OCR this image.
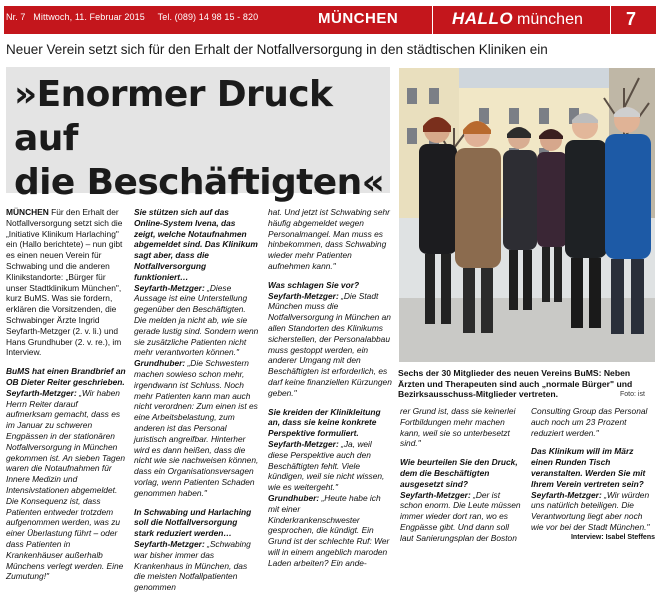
Nr. 7   Mittwoch, 11. Februar 2015     Tel. (089) 14 98 15 - 820	MÜNCHEN	HALLO münchen 7
Neuer Verein setzt sich für den Erhalt der Notfallversorgung in den städtischen Kliniken ein
»Enormer Druck auf
die Beschäftigten«
Sechs der 30 Mitglieder des neuen Vereins BuMS: Neben Ärzten und Therapeuten sind auch „normale Bürger" und Bezirksausschuss-Mitglieder vertreten.	Foto: ist

MÜNCHEN Für den Erhalt der Notfallversorgung setzt sich die „Initiative Klinikum Harlaching" ein (Hallo berichtete) – nun gibt es einen neuen Verein für Schwabing und die anderen Klinikstandorte: „Bürger für unser Stadtklinikum München", kurz BuMS. Was sie fordern, erklären die Vorsitzenden, die Schwabinger Ärzte Ingrid Seyfarth-Metzger (2. v. li.) und Hans Grundhuber (2. v. re.), im Interview.

BuMS hat einen Brandbrief an OB Dieter Reiter geschrieben.

Seyfarth-Metzger: „Wir haben Herrn Reiter darauf aufmerksam gemacht, dass es im Januar zu schweren Engpässen in der stationären Notfallversorgung in München gekommen ist. An sieben Tagen waren die Notaufnahmen für Innere Medizin und Intensivstationen abgemeldet. Die Konsequenz ist, dass Patienten entweder trotzdem aufgenommen werden, was zu einer Überlastung führt – oder dass Patienten in Krankenhäuser außerhalb Münchens verlegt werden. Eine Zumutung!"

Sie stützen sich auf das Online-System Ivena, das zeigt, welche Notaufnahmen abgemeldet sind. Das Klinikum sagt aber, dass die Notfallversorgung funktioniert…

Seyfarth-Metzger: „Diese Aussage ist eine Unterstellung gegenüber den Beschäftigten. Die melden ja nicht ab, wie sie gerade lustig sind. Sondern wenn sie zusätzliche Patienten nicht mehr verantworten können."

Grundhuber: „Die Schwestern machen sowieso schon mehr, irgendwann ist Schluss. Noch mehr Patienten kann man auch nicht verordnen: Zum einen ist es eine Arbeitsbelastung, zum anderen ist das Personal juristisch angreifbar. Hinterher wird es dann heißen, dass die nicht wie sie nachweisen können, dass ein Organisationsversagen vorlag, wenn Patienten Schaden genommen haben."

In Schwabing und Harlaching soll die Notfallversorgung stark reduziert werden…

Seyfarth-Metzger: „Schwabing war bisher immer das Krankenhaus in München, das die meisten Notfallpatienten genommen

hat. Und jetzt ist Schwabing sehr häufig abgemeldet wegen Personalmangel. Man muss es hinbekommen, dass Schwabing wieder mehr Patienten aufnehmen kann."

Was schlagen Sie vor?

Seyfarth-Metzger: „Die Stadt München muss die Notfallversorgung in München an allen Standorten des Klinikums sicherstellen, der Personalabbau muss gestoppt werden, ein anderer Umgang mit den Beschäftigten ist erforderlich, es darf keine finanziellen Kürzungen geben."

Sie kreiden der Klinikleitung an, dass sie keine konkrete Perspektive formuliert.

Seyfarth-Metzger: „Ja, weil diese Perspektive auch den Beschäftigten fehlt. Viele kündigen, weil sie nicht wissen, wie es weitergeht."

Grundhuber: „Heute habe ich mit einer Kinderkrankenschwester gesprochen, die kündigt. Ein Grund ist der schlechte Ruf: Wer will in einem angeblich maroden Laden arbeiten? Ein ande-

rer Grund ist, dass sie keinerlei Fortbildungen mehr machen kann, weil sie so unterbesetzt sind."

Wie beurteilen Sie den Druck, dem die Beschäftigten ausgesetzt sind?

Seyfarth-Metzger: „Der ist schon enorm. Die Leute müssen immer wieder dort ran, wo es Engpässe gibt. Und dann soll laut Sanierungsplan der Boston

Consulting Group das Personal auch noch um 23 Prozent reduziert werden."

Das Klinikum will im März einen Runden Tisch veranstalten. Werden Sie mit Ihrem Verein vertreten sein?

Seyfarth-Metzger: „Wir würden uns natürlich beteiligen. Die Verantwortung liegt aber noch wie vor bei der Stadt München."

Interview: Isabel Steffens
